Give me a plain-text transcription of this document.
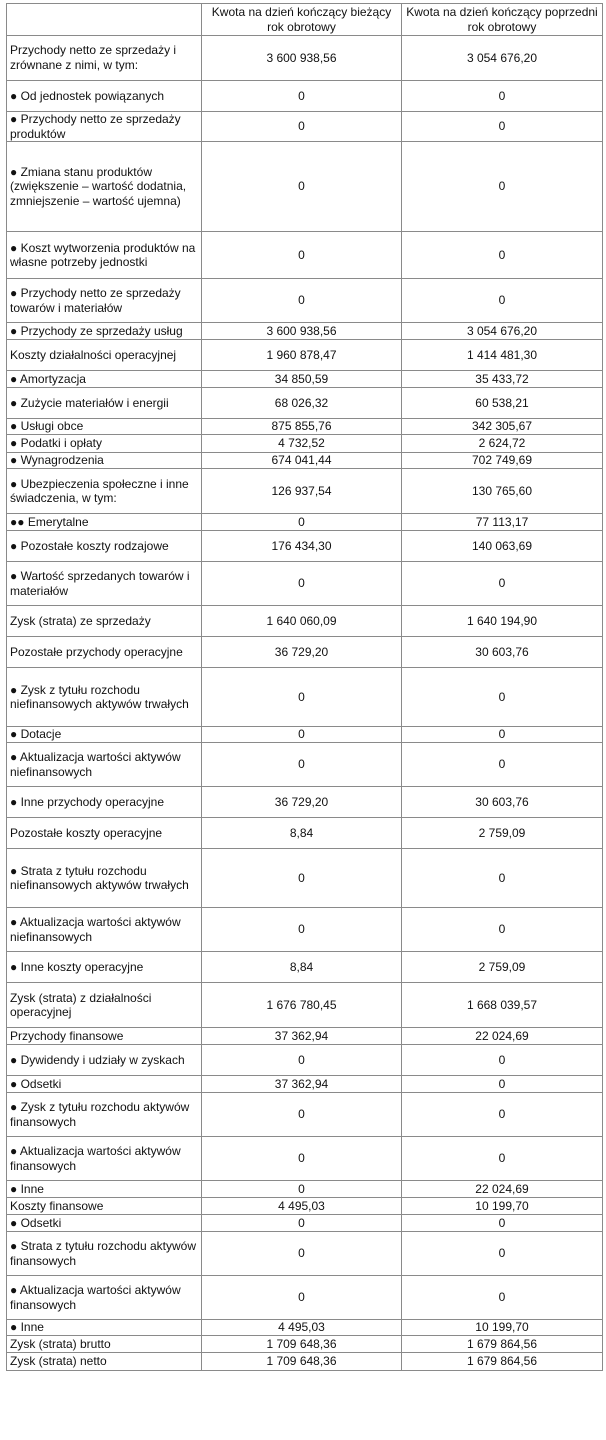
	Kwota na dzień kończący bieżący rok obrotowy	Kwota na dzień kończący poprzedni rok obrotowy
Przychody netto ze sprzedaży i zrównane z nimi, w tym:	3 600 938,56	3 054 676,20
● Od jednostek powiązanych	0	0
● Przychody netto ze sprzedaży produktów	0	0
● Zmiana stanu produktów (zwiększenie – wartość dodatnia, zmniejszenie – wartość ujemna)	0	0
● Koszt wytworzenia produktów na własne potrzeby jednostki	0	0
● Przychody netto ze sprzedaży towarów i materiałów	0	0
● Przychody ze sprzedaży usług	3 600 938,56	3 054 676,20
Koszty działalności operacyjnej	1 960 878,47	1 414 481,30
● Amortyzacja	34 850,59	35 433,72
● Zużycie materiałów i energii	68 026,32	60 538,21
● Usługi obce	875 855,76	342 305,67
● Podatki i opłaty	4 732,52	2 624,72
● Wynagrodzenia	674 041,44	702 749,69
● Ubezpieczenia społeczne i inne świadczenia, w tym:	126 937,54	130 765,60
●● Emerytalne	0	77 113,17
● Pozostałe koszty rodzajowe	176 434,30	140 063,69
● Wartość sprzedanych towarów i materiałów	0	0
Zysk (strata) ze sprzedaży	1 640 060,09	1 640 194,90
Pozostałe przychody operacyjne	36 729,20	30 603,76
● Zysk z tytułu rozchodu niefinansowych aktywów trwałych	0	0
● Dotacje	0	0
● Aktualizacja wartości aktywów niefinansowych	0	0
● Inne przychody operacyjne	36 729,20	30 603,76
Pozostałe koszty operacyjne	8,84	2 759,09
● Strata z tytułu rozchodu niefinansowych aktywów trwałych	0	0
● Aktualizacja wartości aktywów niefinansowych	0	0
● Inne koszty operacyjne	8,84	2 759,09
Zysk (strata) z działalności operacyjnej	1 676 780,45	1 668 039,57
Przychody finansowe	37 362,94	22 024,69
● Dywidendy i udziały w zyskach	0	0
● Odsetki	37 362,94	0
● Zysk z tytułu rozchodu aktywów finansowych	0	0
● Aktualizacja wartości aktywów finansowych	0	0
● Inne	0	22 024,69
Koszty finansowe	4 495,03	10 199,70
● Odsetki	0	0
● Strata z tytułu rozchodu aktywów finansowych	0	0
● Aktualizacja wartości aktywów finansowych	0	0
● Inne	4 495,03	10 199,70
Zysk (strata) brutto	1 709 648,36	1 679 864,56
Zysk (strata) netto	1 709 648,36	1 679 864,56
